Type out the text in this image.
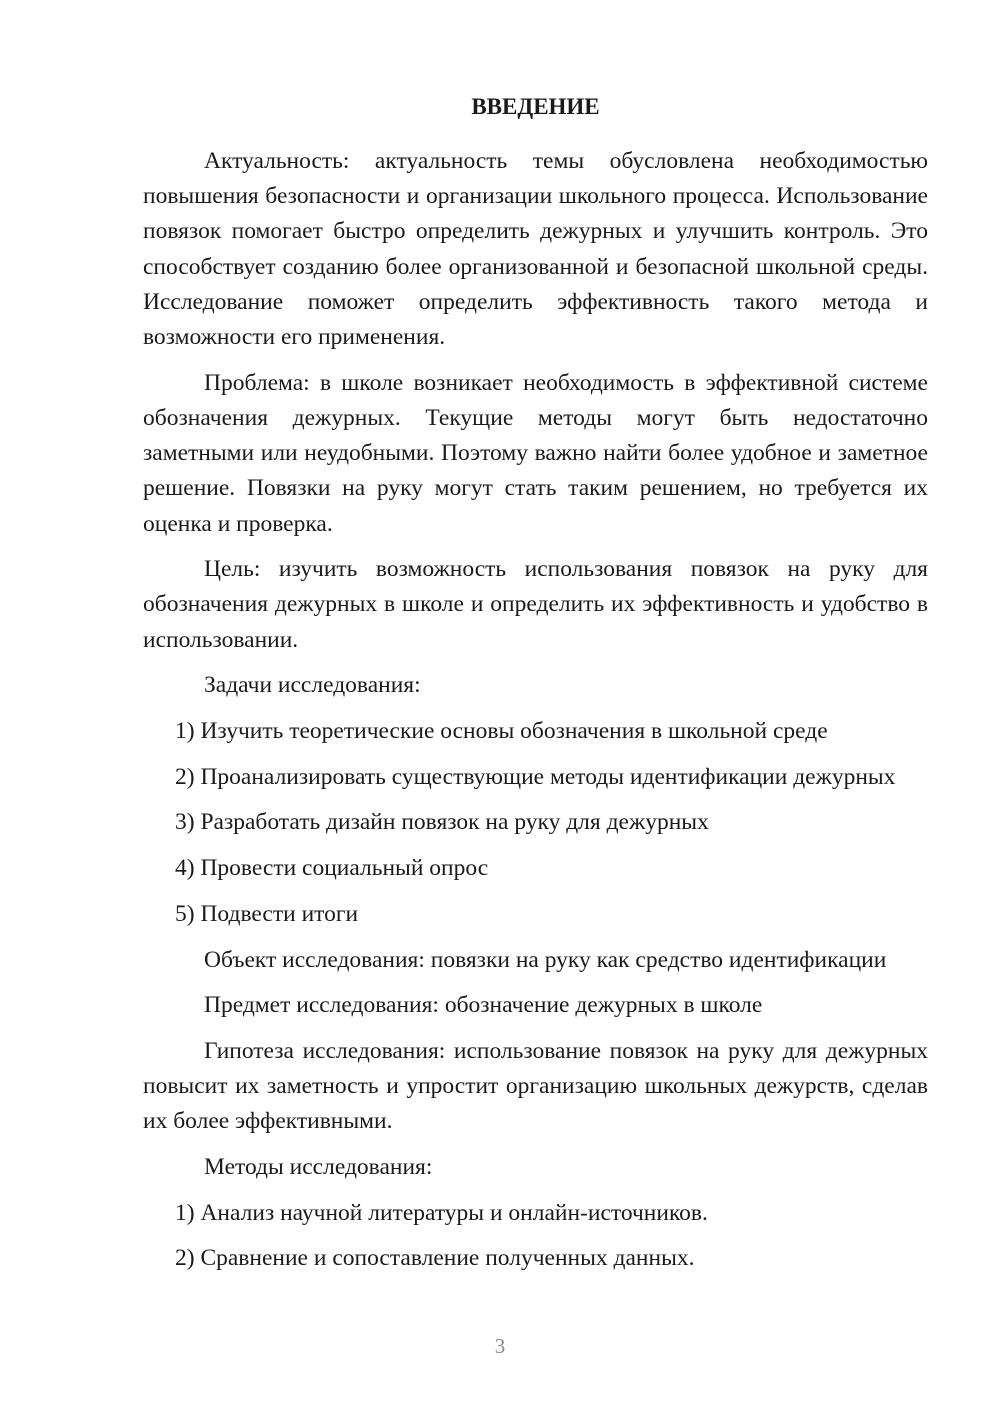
ВВЕДЕНИЕ

Актуальность: актуальность темы обусловлена необходимостью повышения безопасности и организации школьного процесса. Использование повязок помогает быстро определить дежурных и улучшить контроль. Это способствует созданию более организованной и безопасной школьной среды. Исследование поможет определить эффективность такого метода и возможности его применения.

Проблема: в школе возникает необходимость в эффективной системе обозначения дежурных. Текущие методы могут быть недостаточно заметными или неудобными. Поэтому важно найти более удобное и заметное решение. Повязки на руку могут стать таким решением, но требуется их оценка и проверка.

Цель: изучить возможность использования повязок на руку для обозначения дежурных в школе и определить их эффективность и удобство в использовании.

Задачи исследования:

1) Изучить теоретические основы обозначения в школьной среде

2) Проанализировать существующие методы идентификации дежурных

3) Разработать дизайн повязок на руку для дежурных

4) Провести социальный опрос

5) Подвести итоги

Объект исследования: повязки на руку как средство идентификации

Предмет исследования: обозначение дежурных в школе

Гипотеза исследования: использование повязок на руку для дежурных повысит их заметность и упростит организацию школьных дежурств, сделав их более эффективными.

Методы исследования:

1) Анализ научной литературы и онлайн-источников.

2) Сравнение и сопоставление полученных данных.

3
